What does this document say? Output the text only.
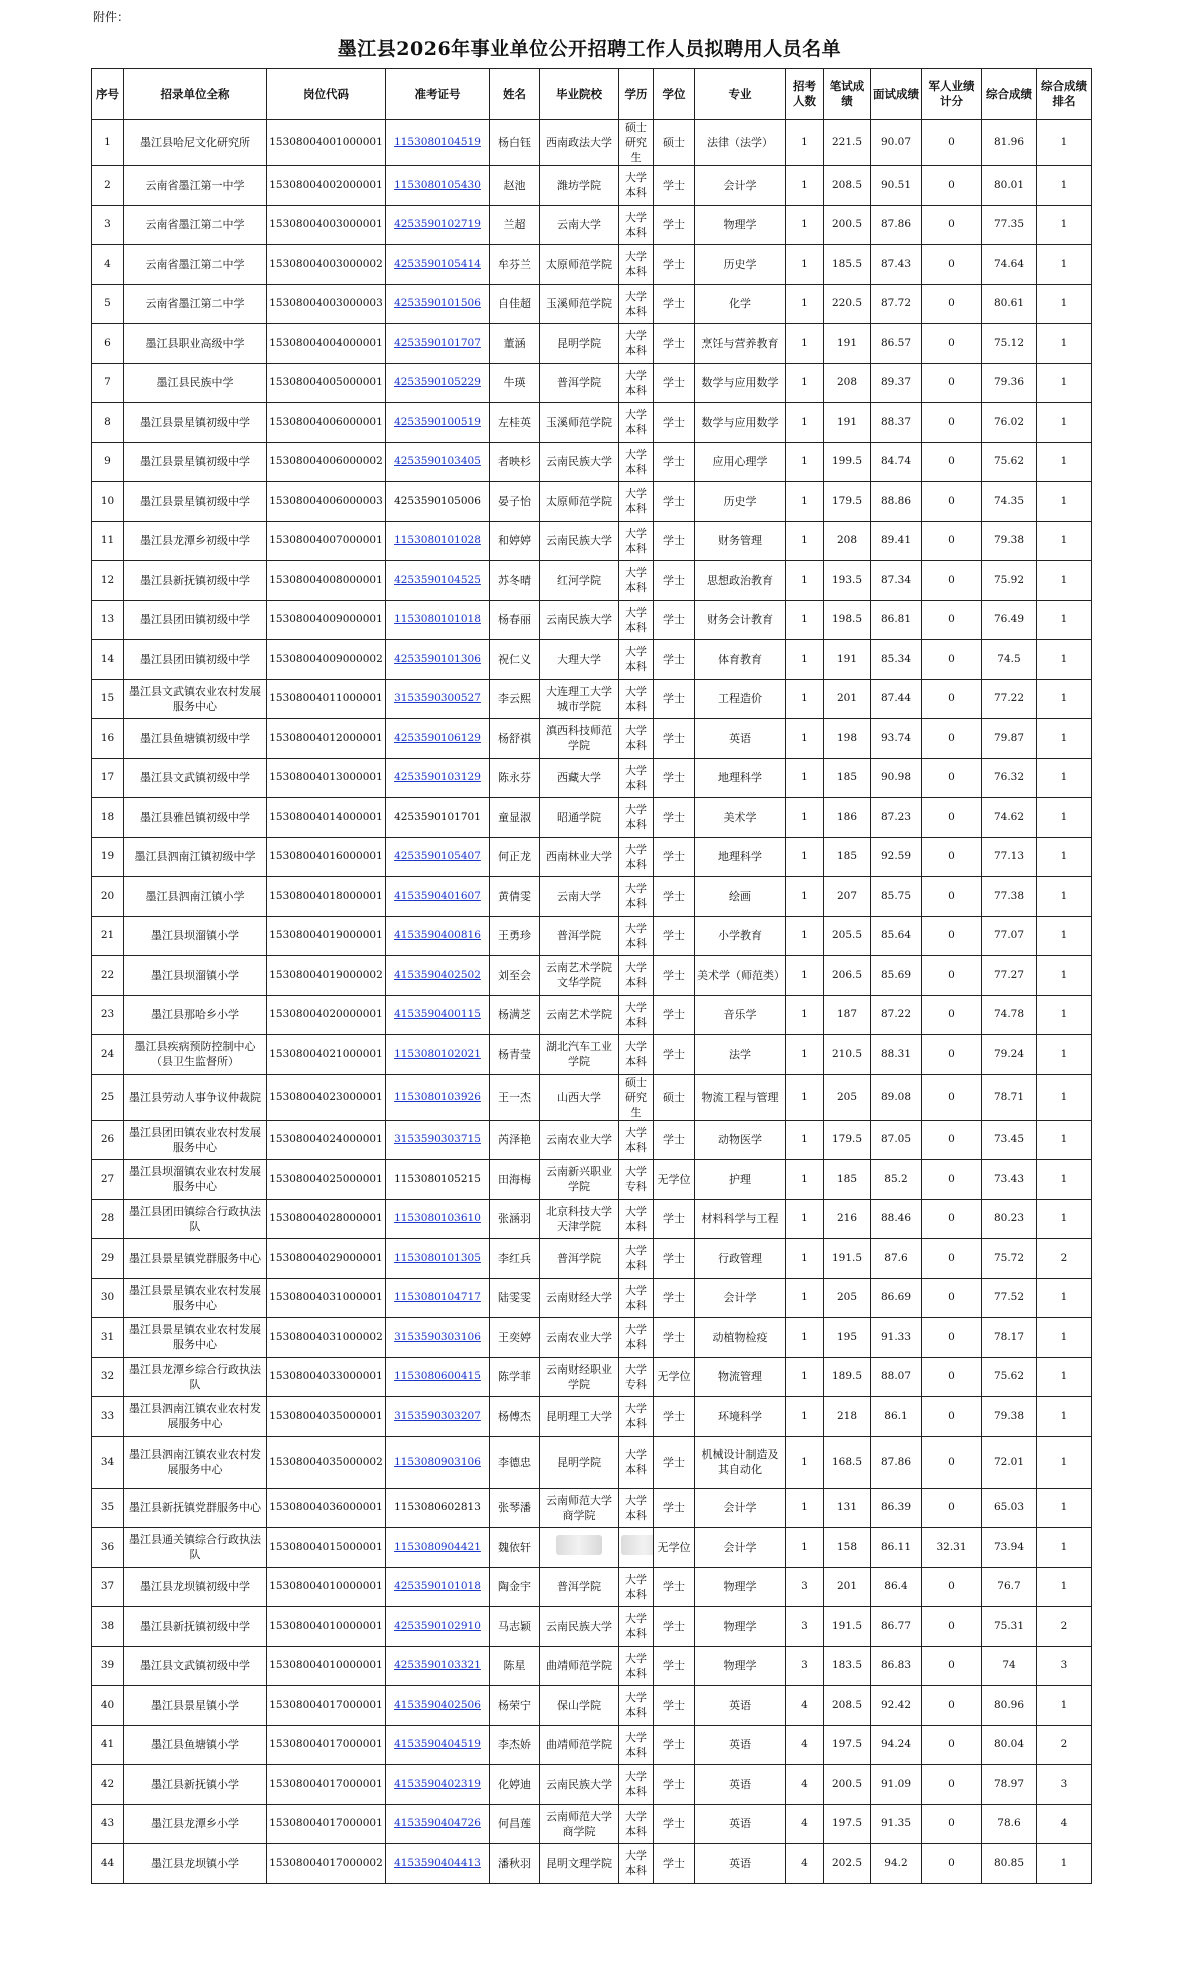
附件：
墨江县2026年事业单位公开招聘工作人员拟聘用人员名单
序号	招录单位全称	岗位代码	准考证号	姓名	毕业院校	学历	学位	专业	招考人数	笔试成绩	面试成绩	军人业绩计分	综合成绩	综合成绩排名
1	墨江县哈尼文化研究所	15308004001000001	1153080104519	杨白钰	西南政法大学	硕士研究生	硕士	法律（法学）	1	221.5	90.07	0	81.96	1
2	云南省墨江第一中学	15308004002000001	1153080105430	赵池	潍坊学院	大学本科	学士	会计学	1	208.5	90.51	0	80.01	1
3	云南省墨江第二中学	15308004003000001	4253590102719	兰超	云南大学	大学本科	学士	物理学	1	200.5	87.86	0	77.35	1
4	云南省墨江第二中学	15308004003000002	4253590105414	牟芬兰	太原师范学院	大学本科	学士	历史学	1	185.5	87.43	0	74.64	1
5	云南省墨江第二中学	15308004003000003	4253590101506	自佳超	玉溪师范学院	大学本科	学士	化学	1	220.5	87.72	0	80.61	1
6	墨江县职业高级中学	15308004004000001	4253590101707	董涵	昆明学院	大学本科	学士	烹饪与营养教育	1	191	86.57	0	75.12	1
7	墨江县民族中学	15308004005000001	4253590105229	牛瑛	普洱学院	大学本科	学士	数学与应用数学	1	208	89.37	0	79.36	1
8	墨江县景星镇初级中学	15308004006000001	4253590100519	左桂英	玉溪师范学院	大学本科	学士	数学与应用数学	1	191	88.37	0	76.02	1
9	墨江县景星镇初级中学	15308004006000002	4253590103405	者映杉	云南民族大学	大学本科	学士	应用心理学	1	199.5	84.74	0	75.62	1
10	墨江县景星镇初级中学	15308004006000003	4253590105006	晏子怡	太原师范学院	大学本科	学士	历史学	1	179.5	88.86	0	74.35	1
11	墨江县龙潭乡初级中学	15308004007000001	1153080101028	和婷婷	云南民族大学	大学本科	学士	财务管理	1	208	89.41	0	79.38	1
12	墨江县新抚镇初级中学	15308004008000001	4253590104525	苏冬晴	红河学院	大学本科	学士	思想政治教育	1	193.5	87.34	0	75.92	1
13	墨江县团田镇初级中学	15308004009000001	1153080101018	杨春丽	云南民族大学	大学本科	学士	财务会计教育	1	198.5	86.81	0	76.49	1
14	墨江县团田镇初级中学	15308004009000002	4253590101306	祝仁义	大理大学	大学本科	学士	体育教育	1	191	85.34	0	74.5	1
15	墨江县文武镇农业农村发展服务中心	15308004011000001	3153590300527	李云熙	大连理工大学城市学院	大学本科	学士	工程造价	1	201	87.44	0	77.22	1
16	墨江县鱼塘镇初级中学	15308004012000001	4253590106129	杨舒祺	滇西科技师范学院	大学本科	学士	英语	1	198	93.74	0	79.87	1
17	墨江县文武镇初级中学	15308004013000001	4253590103129	陈永芬	西藏大学	大学本科	学士	地理科学	1	185	90.98	0	76.32	1
18	墨江县雅邑镇初级中学	15308004014000001	4253590101701	童显淑	昭通学院	大学本科	学士	美术学	1	186	87.23	0	74.62	1
19	墨江县泗南江镇初级中学	15308004016000001	4253590105407	何正龙	西南林业大学	大学本科	学士	地理科学	1	185	92.59	0	77.13	1
20	墨江县泗南江镇小学	15308004018000001	4153590401607	黄倩雯	云南大学	大学本科	学士	绘画	1	207	85.75	0	77.38	1
21	墨江县坝溜镇小学	15308004019000001	4153590400816	王勇珍	普洱学院	大学本科	学士	小学教育	1	205.5	85.64	0	77.07	1
22	墨江县坝溜镇小学	15308004019000002	4153590402502	刘至会	云南艺术学院文华学院	大学本科	学士	美术学（师范类）	1	206.5	85.69	0	77.27	1
23	墨江县那哈乡小学	15308004020000001	4153590400115	杨满芝	云南艺术学院	大学本科	学士	音乐学	1	187	87.22	0	74.78	1
24	墨江县疾病预防控制中心（县卫生监督所）	15308004021000001	1153080102021	杨青莹	湖北汽车工业学院	大学本科	学士	法学	1	210.5	88.31	0	79.24	1
25	墨江县劳动人事争议仲裁院	15308004023000001	1153080103926	王一杰	山西大学	硕士研究生	硕士	物流工程与管理	1	205	89.08	0	78.71	1
26	墨江县团田镇农业农村发展服务中心	15308004024000001	3153590303715	芮泽艳	云南农业大学	大学本科	学士	动物医学	1	179.5	87.05	0	73.45	1
27	墨江县坝溜镇农业农村发展服务中心	15308004025000001	1153080105215	田海梅	云南新兴职业学院	大学专科	无学位	护理	1	185	85.2	0	73.43	1
28	墨江县团田镇综合行政执法队	15308004028000001	1153080103610	张涵羽	北京科技大学天津学院	大学本科	学士	材料科学与工程	1	216	88.46	0	80.23	1
29	墨江县景星镇党群服务中心	15308004029000001	1153080101305	李红兵	普洱学院	大学本科	学士	行政管理	1	191.5	87.6	0	75.72	2
30	墨江县景星镇农业农村发展服务中心	15308004031000001	1153080104717	陆雯雯	云南财经大学	大学本科	学士	会计学	1	205	86.69	0	77.52	1
31	墨江县景星镇农业农村发展服务中心	15308004031000002	3153590303106	王奕婷	云南农业大学	大学本科	学士	动植物检疫	1	195	91.33	0	78.17	1
32	墨江县龙潭乡综合行政执法队	15308004033000001	1153080600415	陈学菲	云南财经职业学院	大学专科	无学位	物流管理	1	189.5	88.07	0	75.62	1
33	墨江县泗南江镇农业农村发展服务中心	15308004035000001	3153590303207	杨傅杰	昆明理工大学	大学本科	学士	环境科学	1	218	86.1	0	79.38	1
34	墨江县泗南江镇农业农村发展服务中心	15308004035000002	1153080903106	李德忠	昆明学院	大学本科	学士	机械设计制造及其自动化	1	168.5	87.86	0	72.01	1
35	墨江县新抚镇党群服务中心	15308004036000001	1153080602813	张琴潘	云南师范大学商学院	大学本科	学士	会计学	1	131	86.39	0	65.03	1
36	墨江县通关镇综合行政执法队	15308004015000001	1153080904421	魏依轩			无学位	会计学	1	158	86.11	32.31	73.94	1
37	墨江县龙坝镇初级中学	15308004010000001	4253590101018	陶金宇	普洱学院	大学本科	学士	物理学	3	201	86.4	0	76.7	1
38	墨江县新抚镇初级中学	15308004010000001	4253590102910	马志颖	云南民族大学	大学本科	学士	物理学	3	191.5	86.77	0	75.31	2
39	墨江县文武镇初级中学	15308004010000001	4253590103321	陈星	曲靖师范学院	大学本科	学士	物理学	3	183.5	86.83	0	74	3
40	墨江县景星镇小学	15308004017000001	4153590402506	杨荣宁	保山学院	大学本科	学士	英语	4	208.5	92.42	0	80.96	1
41	墨江县鱼塘镇小学	15308004017000001	4153590404519	李杰娇	曲靖师范学院	大学本科	学士	英语	4	197.5	94.24	0	80.04	2
42	墨江县新抚镇小学	15308004017000001	4153590402319	化婷迪	云南民族大学	大学本科	学士	英语	4	200.5	91.09	0	78.97	3
43	墨江县龙潭乡小学	15308004017000001	4153590404726	何昌莲	云南师范大学商学院	大学本科	学士	英语	4	197.5	91.35	0	78.6	4
44	墨江县龙坝镇小学	15308004017000002	4153590404413	潘秋羽	昆明文理学院	大学本科	学士	英语	4	202.5	94.2	0	80.85	1
